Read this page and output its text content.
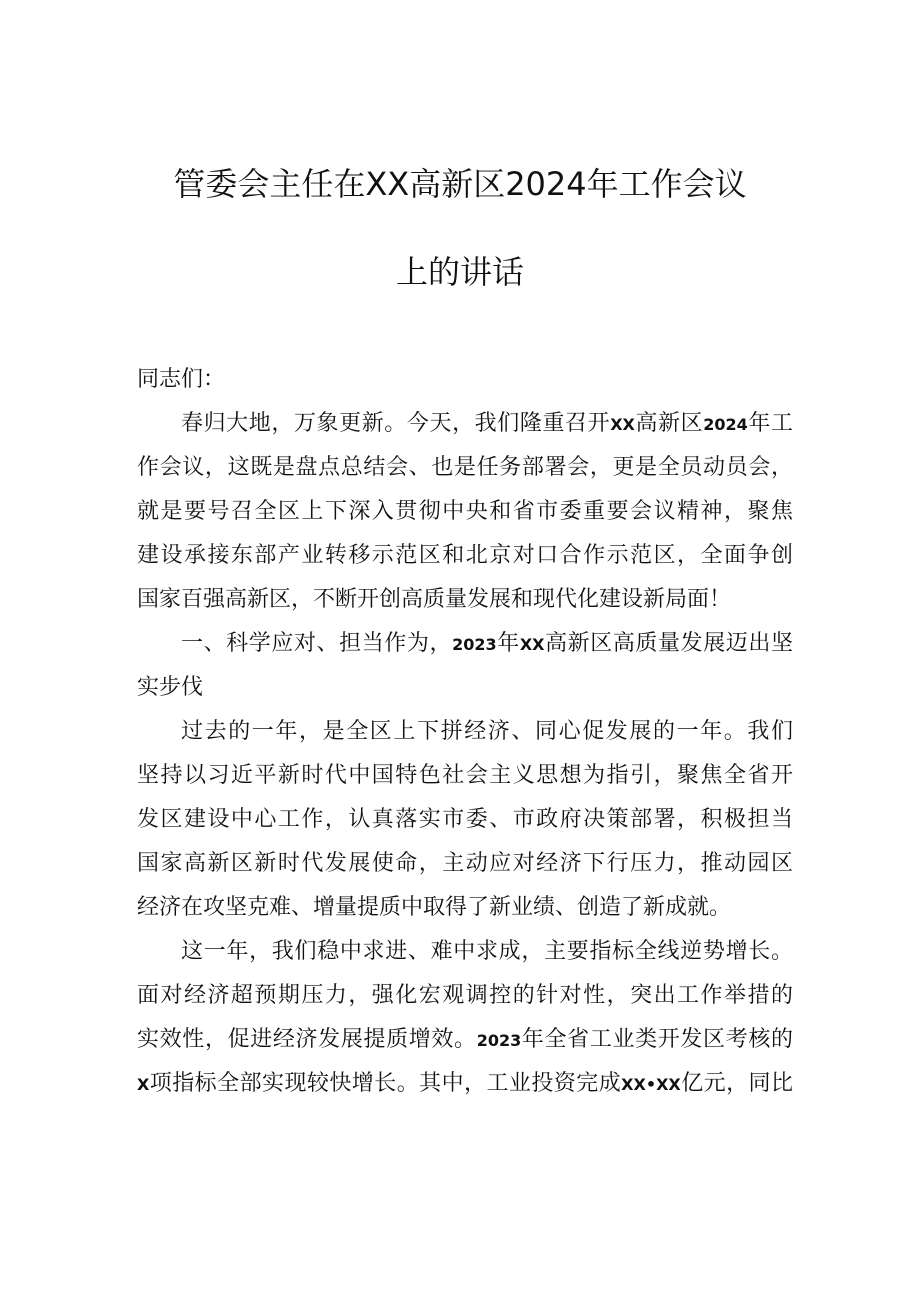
管委会主任在XX高新区2024年工作会议
上的讲话
同志们：
春归大地，万象更新。今天，我们隆重召开XX高新区2024年工
作会议，这既是盘点总结会、也是任务部署会，更是全员动员会，
就是要号召全区上下深入贯彻中央和省市委重要会议精神，聚焦
建设承接东部产业转移示范区和北京对口合作示范区，全面争创
国家百强高新区，不断开创高质量发展和现代化建设新局面！
一、科学应对、担当作为，2023年XX高新区高质量发展迈出坚
实步伐
过去的一年，是全区上下拼经济、同心促发展的一年。我们
坚持以习近平新时代中国特色社会主义思想为指引，聚焦全省开
发区建设中心工作，认真落实市委、市政府决策部署，积极担当
国家高新区新时代发展使命，主动应对经济下行压力，推动园区
经济在攻坚克难、增量提质中取得了新业绩、创造了新成就。
这一年，我们稳中求进、难中求成，主要指标全线逆势增长。
面对经济超预期压力，强化宏观调控的针对性，突出工作举措的
实效性，促进经济发展提质增效。2023年全省工业类开发区考核的
X项指标全部实现较快增长。其中，工业投资完成XX•XX亿元，同比
